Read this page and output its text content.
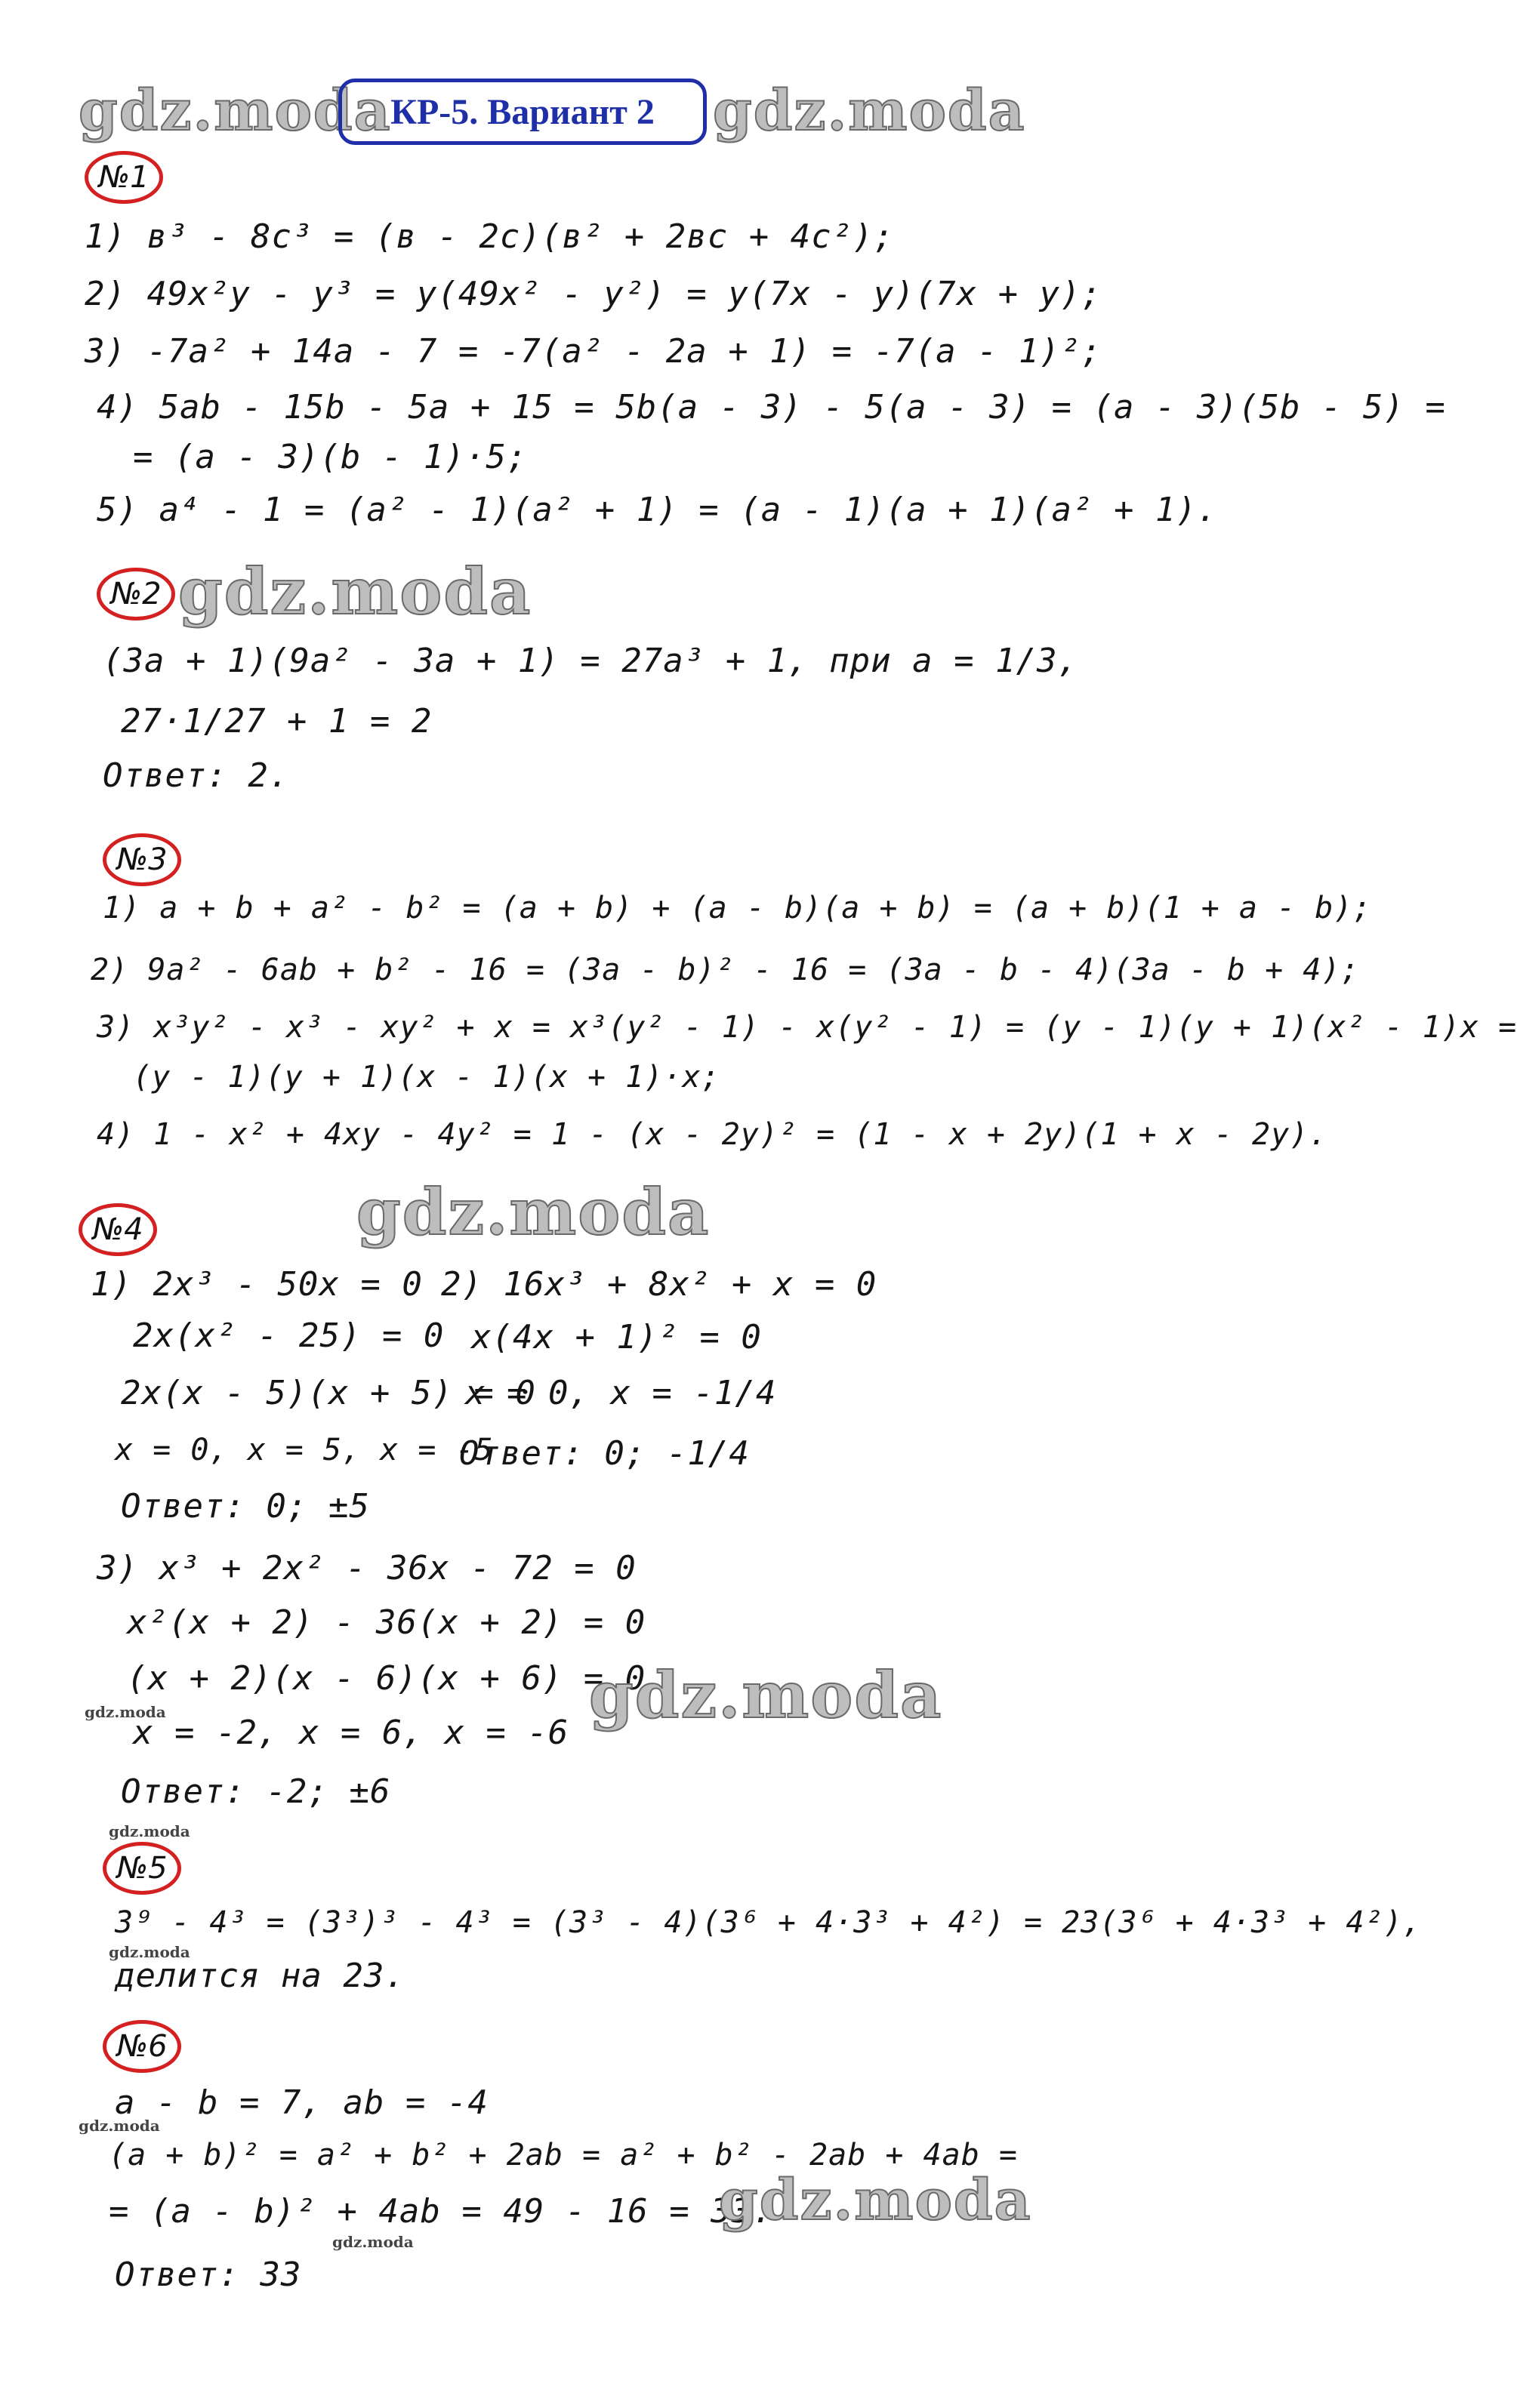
gdz.moda
КР-5. Вариант 2	gdz.moda
№1
1) в³ - 8с³ = (в - 2с)(в² + 2вс + 4с²);
2) 49x²y - y³ = y(49x² - y²) = y(7x - y)(7x + y);
3) -7a² + 14a - 7 = -7(a² - 2a + 1) = -7(a - 1)²;
4) 5ab - 15b - 5a + 15 = 5b(a - 3) - 5(a - 3) = (a - 3)(5b - 5) =
= (a - 3)(b - 1)·5;
5) a⁴ - 1 = (a² - 1)(a² + 1) = (a - 1)(a + 1)(a² + 1).
№2 gdz.moda
(3a + 1)(9a² - 3a + 1) = 27a³ + 1, при a = 1/3,
27·1/27 + 1 = 2
Ответ: 2.
№3
1) a + b + a² - b² = (a + b) + (a - b)(a + b) = (a + b)(1 + a - b);
2) 9a² - 6ab + b² - 16 = (3a - b)² - 16 = (3a - b - 4)(3a - b + 4);
3) x³y² - x³ - xy² + x = x³(y² - 1) - x(y² - 1) = (y - 1)(y + 1)(x² - 1)x =
(y - 1)(y + 1)(x - 1)(x + 1)·x;
4) 1 - x² + 4xy - 4y² = 1 - (x - 2y)² = (1 - x + 2y)(1 + x - 2y).
№4	gdz.moda
1) 2x³ - 50x = 0
2x(x² - 25) = 0
2x(x - 5)(x + 5) = 0
x = 0, x = 5, x = -5
Ответ: 0; ±5
2) 16x³ + 8x² + x = 0
x(4x + 1)² = 0
x = 0, x = -1/4
Ответ: 0; -1/4
3) x³ + 2x² - 36x - 72 = 0
x²(x + 2) - 36(x + 2) = 0
(x + 2)(x - 6)(x + 6) = 0
gdz.moda	gdz.moda
x = -2, x = 6, x = -6
Ответ: -2; ±6
gdz.moda
№5
3⁹ - 4³ = (3³)³ - 4³ = (3³ - 4)(3⁶ + 4·3³ + 4²) = 23(3⁶ + 4·3³ + 4²),
gdz.moda
делится на 23.
№6
a - b = 7, ab = -4
gdz.moda
(a + b)² = a² + b² + 2ab = a² + b² - 2ab + 4ab =
= (a - b)² + 4ab = 49 - 16 = 33.
gdz.moda
gdz.moda
Ответ: 33
